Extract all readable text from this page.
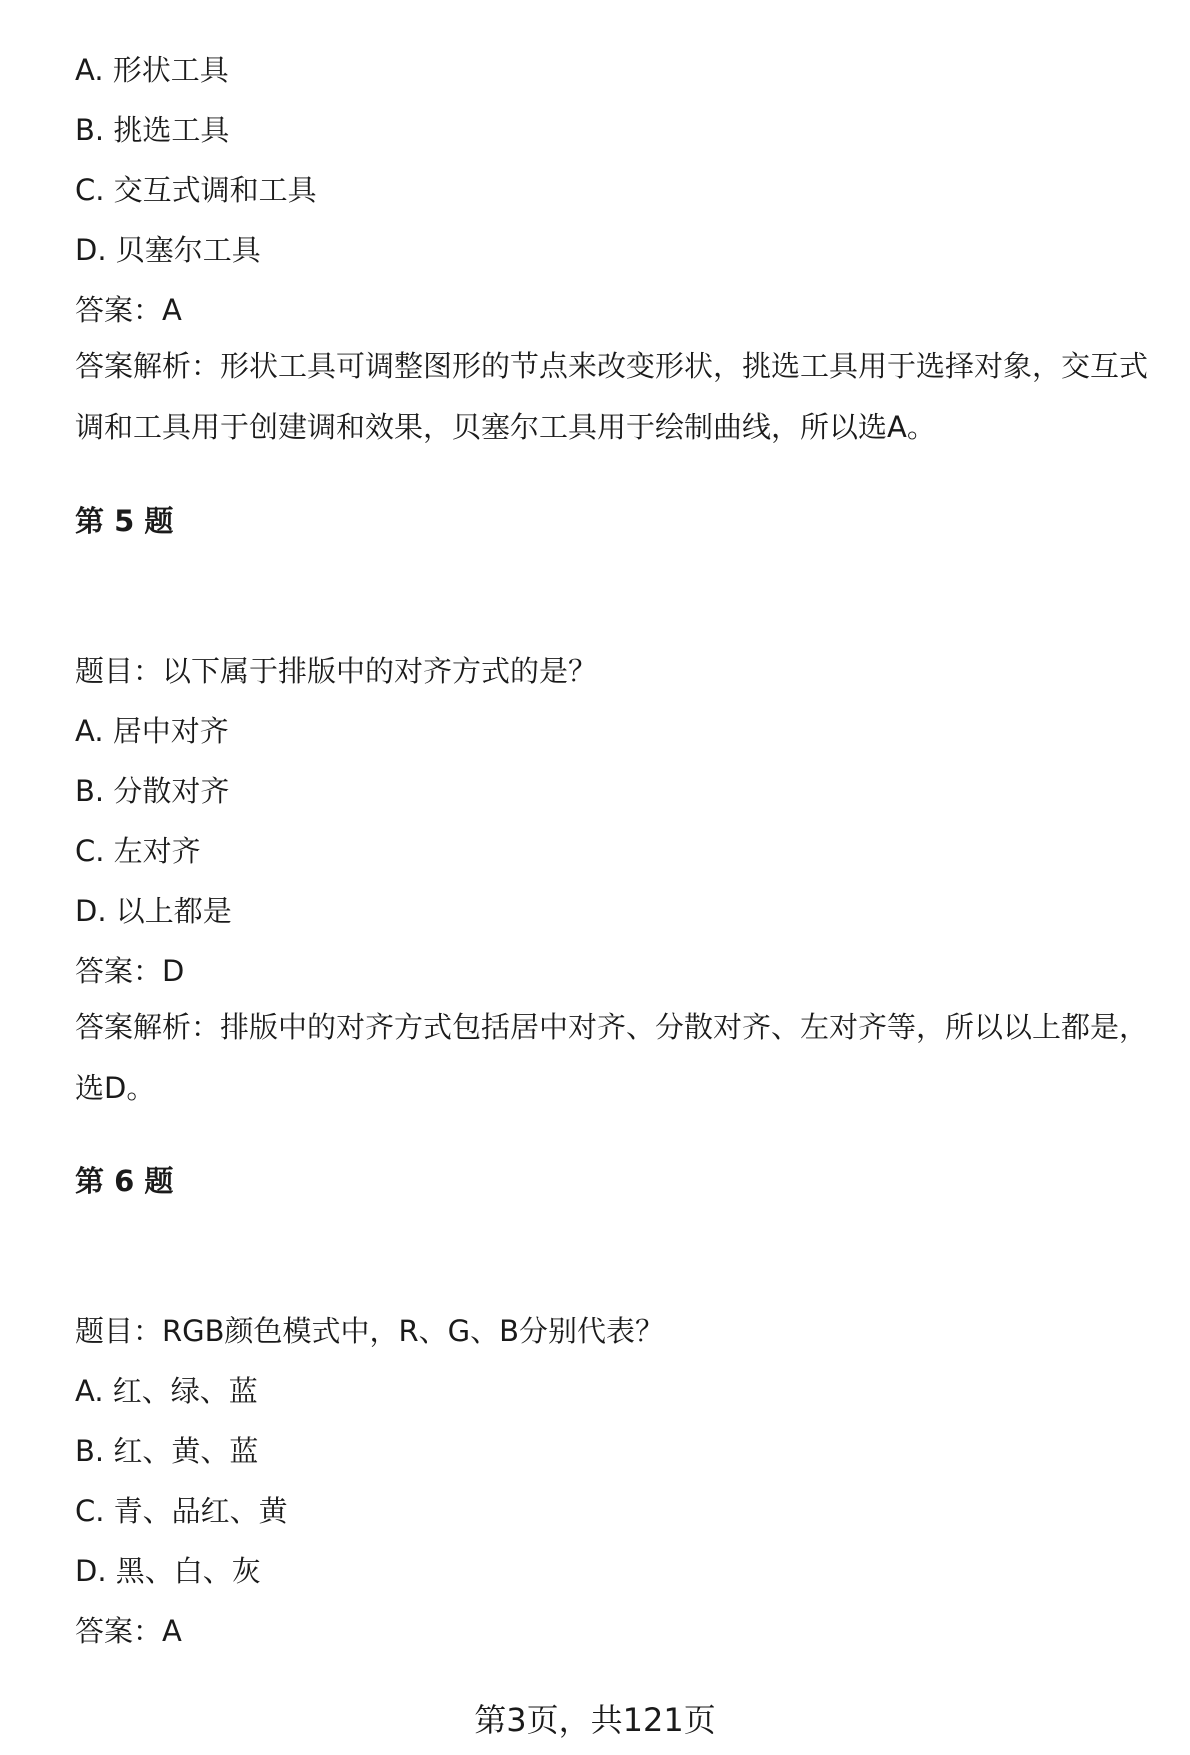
A. 形状工具
B. 挑选工具
C. 交互式调和工具
D. 贝塞尔工具
答案：A
答案解析：形状工具可调整图形的节点来改变形状，挑选工具用于选择对象，交互式调和工具用于创建调和效果，贝塞尔工具用于绘制曲线，所以选A。
第 5 题
题目：以下属于排版中的对齐方式的是？
A. 居中对齐
B. 分散对齐
C. 左对齐
D. 以上都是
答案：D
答案解析：排版中的对齐方式包括居中对齐、分散对齐、左对齐等，所以以上都是，选D。
第 6 题
题目：RGB颜色模式中，R、G、B分别代表？
A. 红、绿、蓝
B. 红、黄、蓝
C. 青、品红、黄
D. 黑、白、灰
答案：A
第3页，共121页
